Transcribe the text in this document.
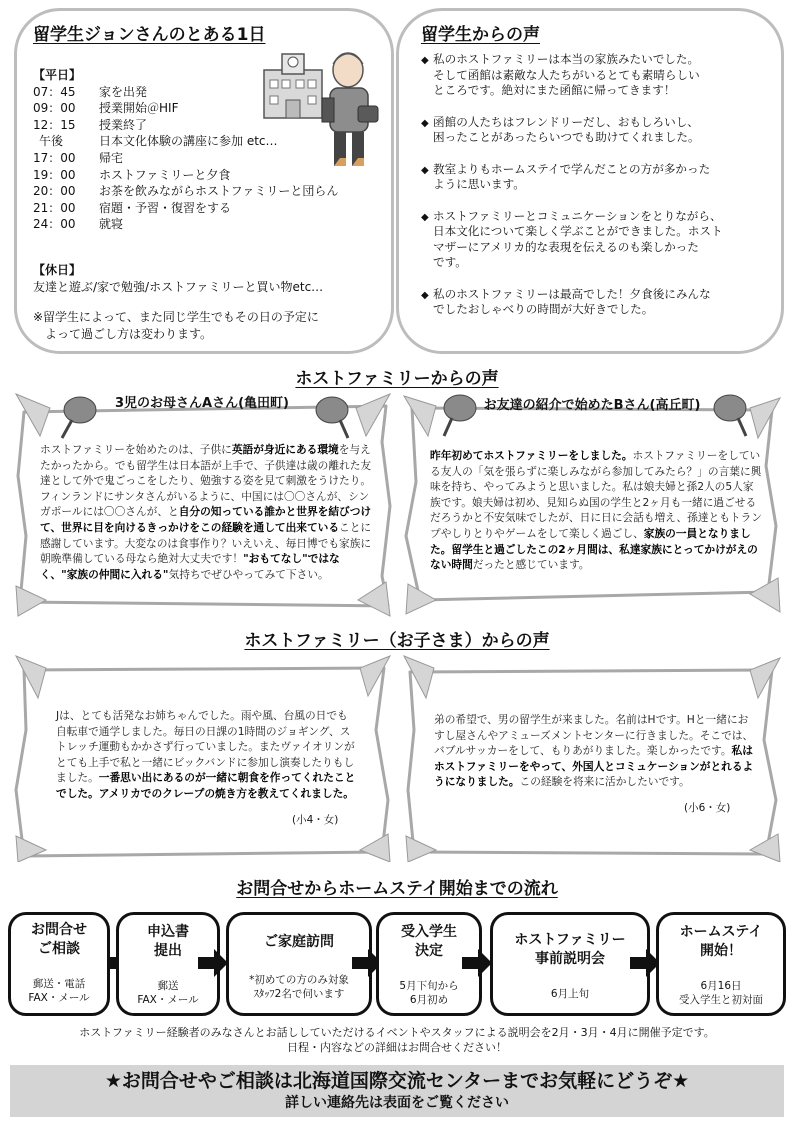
留学生ジョンさんのとある1日
【平日】
07：45	家を出発
09：00	授業開始＠HIF
12：15	授業終了
午後	日本文化体験の講座に参加 etc…
17：00	帰宅
19：00	ホストファミリーと夕食
20：00	お茶を飲みながらホストファミリーと団らん
21：00	宿題・予習・復習をする
24：00	就寝
【休日】
友達と遊ぶ/家で勉強/ホストファミリーと買い物etc…
※留学生によって、また同じ学生でもその日の予定に
よって過ごし方は変わります。
留学生からの声
◆ 私のホストファミリーは本当の家族みたいでした。
そして函館は素敵な人たちがいるとても素晴らしい
ところです。絶対にまた函館に帰ってきます！
◆ 函館の人たちはフレンドリーだし、おもしろいし、
困ったことがあったらいつでも助けてくれました。
◆ 教室よりもホームステイで学んだことの方が多かった
ように思います。
◆ ホストファミリーとコミュニケーションをとりながら、
日本文化について楽しく学ぶことができました。ホスト
マザーにアメリカ的な表現を伝えるのも楽しかった
です。
◆ 私のホストファミリーは最高でした！夕食後にみんな
でしたおしゃべりの時間が大好きでした。
ホストファミリーからの声
3児のお母さんAさん(亀田町)
ホストファミリーを始めたのは、子供に英語が身近にある環境を与えたかったから。でも留学生は日本語が上手で、子供達は歳の離れた友達として外で鬼ごっこをしたり、勉強する姿を見て刺激をうけたり。フィンランドにサンタさんがいるように、中国には〇〇さんが、シンガポールには〇〇さんが、と自分の知っている誰かと世界を結びつけて、世界に目を向けるきっかけをこの経験を通して出来ていることに感謝しています。大変なのは食事作り？いえいえ、毎日博でも家族に朝晩準備している母なら絶対大丈夫です！"おもてなし"ではなく、"家族の仲間に入れる"気持ちでぜひやってみて下さい。
お友達の紹介で始めたBさん(高丘町)
昨年初めてホストファミリーをしました。ホストファミリーをしている友人の「気を張らずに楽しみながら参加してみたら？」の言葉に興味を持ち、やってみようと思いました。私は娘夫婦と孫2人の5人家族です。娘夫婦は初め、見知らぬ国の学生と2ヶ月も一緒に過ごせるだろうかと不安気味でしたが、日に日に会話も増え、孫達ともトランプやしりとりやゲームをして楽しく過ごし、家族の一員となりました。留学生と過ごしたこの2ヶ月間は、私達家族にとってかけがえのない時間だったと感じています。
ホストファミリー（お子さま）からの声
Jは、とても活発なお姉ちゃんでした。雨や風、台風の日でも自転車で通学しました。毎日の日課の1時間のジョギング、ストレッチ運動もかかさず行っていました。またヴァイオリンがとても上手で私と一緒にビックバンドに参加し演奏したりもしました。一番思い出にあるのが一緒に朝食を作ってくれたことでした。アメリカでのクレープの焼き方を教えてくれました。
(小4・女)
弟の希望で、男の留学生が来ました。名前はHです。Hと一緒におすし屋さんやアミューズメントセンターに行きました。そこでは、バブルサッカーをして、もりあがりました。楽しかったです。私はホストファミリーをやって、外国人とコミュケーションがとれるようになりました。この経験を将来に活かしたいです。
(小6・女)
お問合せからホームステイ開始までの流れ
お問合せ
ご相談
郵送・電話
FAX・メール
申込書
提出
郵送
FAX・メール
ご家庭訪問
*初めての方のみ対象
ｽﾀｯﾌ2名で伺います
受入学生
決定
5月下旬から
6月初め
ホストファミリー
事前説明会
6月上旬
ホームステイ
開始！
6月16日
受入学生と初対面
ホストファミリー経験者のみなさんとお話ししていただけるイベントやスタッフによる説明会を2月・3月・4月に開催予定です。
日程・内容などの詳細はお問合せください！
★お問合せやご相談は北海道国際交流センターまでお気軽にどうぞ★
詳しい連絡先は表面をご覧ください
